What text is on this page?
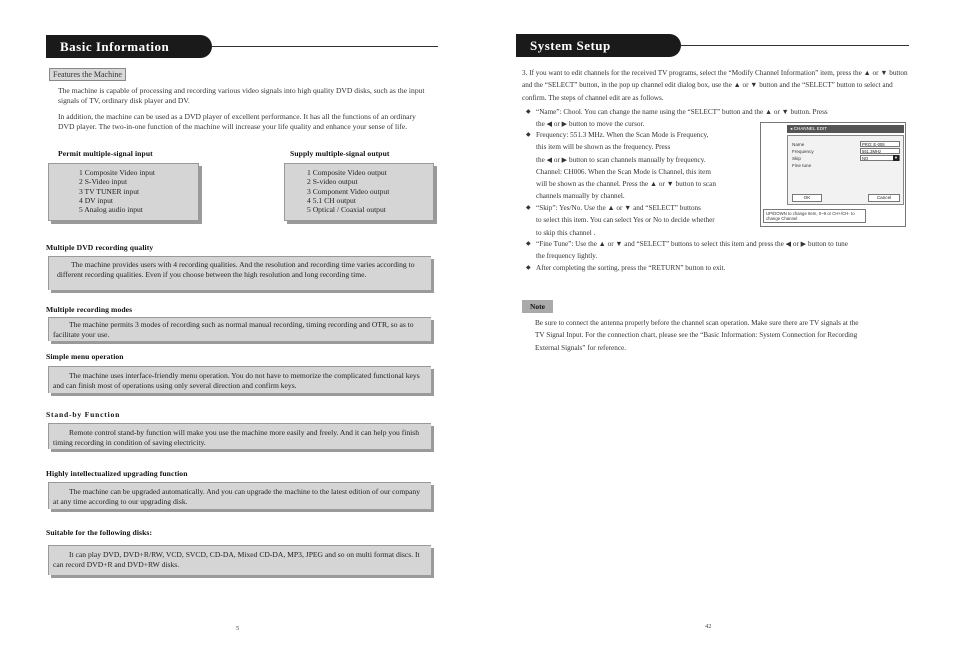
Basic Information
Features the Machine
The machine is capable of processing and recording various video signals into high quality DVD disks, such as the input signals of TV, ordinary disk player and DV.
In addition, the machine can be used as a DVD player of excellent performance. It has all the functions of an ordinary DVD player. The two-in-one function of the machine will increase your life quality and enhance your sense of life.
Permit multiple-signal input
1 Composite Video input
2 S-Video input
3 TV TUNER input
4 DV input
5 Analog audio input
Supply multiple-signal output
1 Composite Video output
2 S-video output
3 Component Video output
4 5.1 CH output
5 Optical / Coaxial output
Multiple DVD recording quality
The machine provides users with 4 recording qualities. And the resolution and recording time varies according to different recording qualities. Even if you choose between the high resolution and long recording time.
Multiple recording modes
The machine permits 3 modes of recording such as normal manual recording, timing recording and OTR, so as to facilitate your use.
Simple menu operation
The machine uses interface-friendly menu operation. You do not have to memorize the complicated functional keys and can finish most of operations using only several direction and confirm keys.
Stand-by Function
Remote control stand-by function will make you use the machine more easily and freely. And it can help you finish timing recording in condition of saving electricity.
Highly intellectualized upgrading function
The machine can be upgraded automatically. And you can upgrade the machine to the latest edition of our company at any time according to our upgrading disk.
Suitable for the following disks:
It can play DVD, DVD+R/RW, VCD, SVCD, CD-DA, Mixed CD-DA, MP3, JPEG and so on multi format discs. It can record DVD+R and DVD+RW disks.
5
System Setup
3. If you want to edit channels for the received TV programs, select the “Modify Channel Information” item, press the ▲ or ▼ button and the “SELECT” button, in the pop up channel edit dialog box, use the ▲ or ▼ button and the “SELECT” button to select and confirm. The steps of channel edit are as follows.
◆ “Name”: Chool. You can change the name using the “SELECT” button and the ▲ or ▼ button. Press
the ◀ or ▶ button to move the cursor.
◆ Frequency: 551.3 MHz. When the Scan Mode is Frequency,
this item will be shown as the frequency. Press
the ◀ or ▶ button to scan channels manually by frequency.
Channel: CH006. When the Scan Mode is Channel, this item
will be shown as the channel. Press the ▲ or ▼ button to scan
channels manually by channel.
◆ “Skip”: Yes/No. Use the ▲ or ▼ and “SELECT” buttons
to select this item. You can select Yes or No to decide whether
to skip this channel .
◆ “Fine Tune”: Use the ▲ or ▼ and “SELECT” buttons to select this item and press the ◀ or ▶ button to tune
the frequency lightly.
◆ After completing the sorting, press the “RETURN” button to exit.
◂ CHANNEL EDIT
Name
Frequency
Skip
Fine tune
PRO: E-008
551.3MHz
NO	▼
OK	Cancel
UP/DOWN to change Item, 0~9 or CH+/CH- to change Channel
Note
Be sure to connect the antenna properly before the channel scan operation. Make sure there are TV signals at the
TV Signal Input. For the connection chart, please see the “Basic Information: System Connection for Recording
External Signals” for reference.
42
